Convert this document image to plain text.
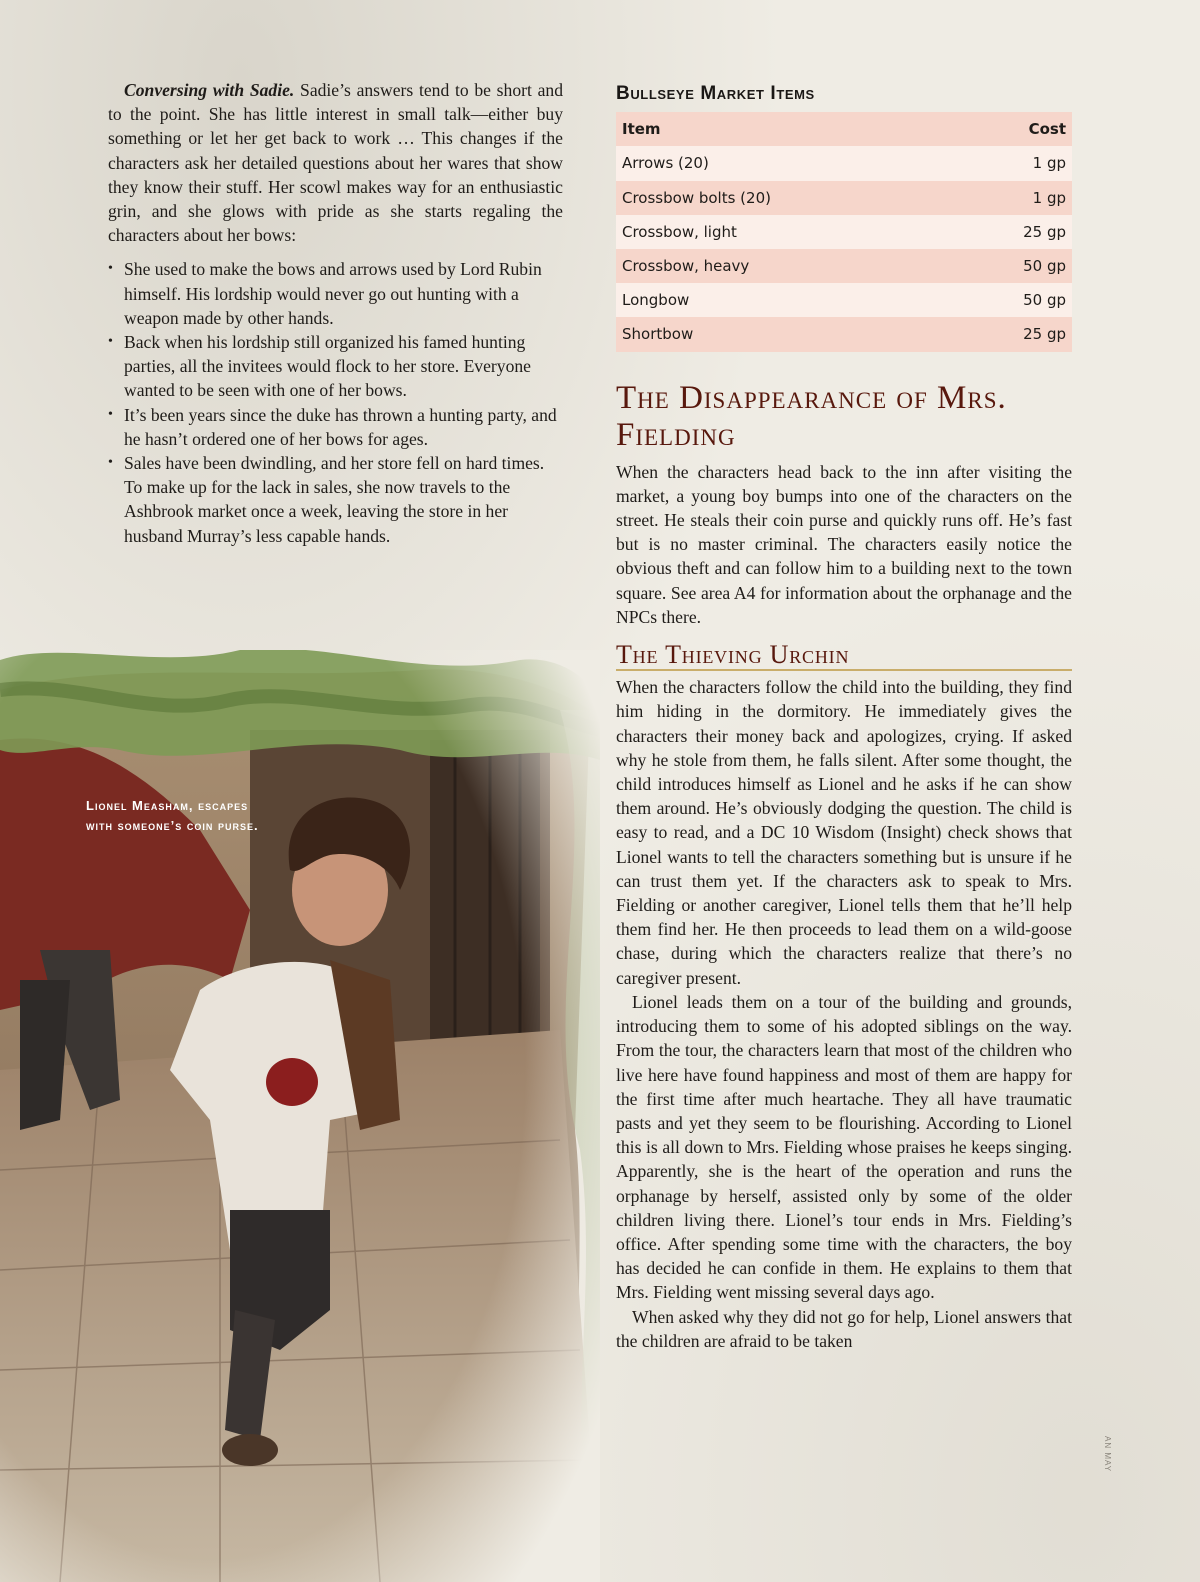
Lionel Measham, escapes with someone’s coin purse.

Conversing with Sadie. Sadie’s answers tend to be short and to the point. She has little interest in small talk—either buy something or let her get back to work … This changes if the characters ask her detailed questions about her wares that show they know their stuff. Her scowl makes way for an enthusiastic grin, and she glows with pride as she starts regaling the characters about her bows:

• She used to make the bows and arrows used by Lord Rubin himself. His lordship would never go out hunting with a weapon made by other hands.
• Back when his lordship still organized his famed hunting parties, all the invitees would flock to her store. Everyone wanted to be seen with one of her bows.
• It’s been years since the duke has thrown a hunting party, and he hasn’t ordered one of her bows for ages.
• Sales have been dwindling, and her store fell on hard times. To make up for the lack in sales, she now travels to the Ashbrook market once a week, leaving the store in her husband Murray’s less capable hands.
Bullseye Market Items
Item	Cost
Arrows (20)	1 gp
Crossbow bolts (20)	1 gp
Crossbow, light	25 gp
Crossbow, heavy	50 gp
Longbow	50 gp
Shortbow	25 gp
The Disappearance of Mrs. Fielding

When the characters head back to the inn after visiting the market, a young boy bumps into one of the characters on the street. He steals their coin purse and quickly runs off. He’s fast but is no master criminal. The characters easily notice the obvious theft and can follow him to a building next to the town square. See area A4 for information about the orphanage and the NPCs there.

The Thieving Urchin

When the characters follow the child into the building, they find him hiding in the dormitory. He immediately gives the characters their money back and apologizes, crying. If asked why he stole from them, he falls silent. After some thought, the child introduces himself as Lionel and he asks if he can show them around. He’s obviously dodging the question. The child is easy to read, and a DC 10 Wisdom (Insight) check shows that Lionel wants to tell the characters something but is unsure if he can trust them yet. If the characters ask to speak to Mrs. Fielding or another caregiver, Lionel tells them that he’ll help them find her. He then proceeds to lead them on a wild-goose chase, during which the characters realize that there’s no caregiver present.

Lionel leads them on a tour of the building and grounds, introducing them to some of his adopted siblings on the way. From the tour, the characters learn that most of the children who live here have found happiness and most of them are happy for the first time after much heartache. They all have traumatic pasts and yet they seem to be flourishing. According to Lionel this is all down to Mrs. Fielding whose praises he keeps singing. Apparently, she is the heart of the operation and runs the orphanage by herself, assisted only by some of the older children living there. Lionel’s tour ends in Mrs. Fielding’s office. After spending some time with the characters, the boy has decided he can confide in them. He explains to them that Mrs. Fielding went missing several days ago.

When asked why they did not go for help, Lionel answers that the children are afraid to be taken

AN MAY
